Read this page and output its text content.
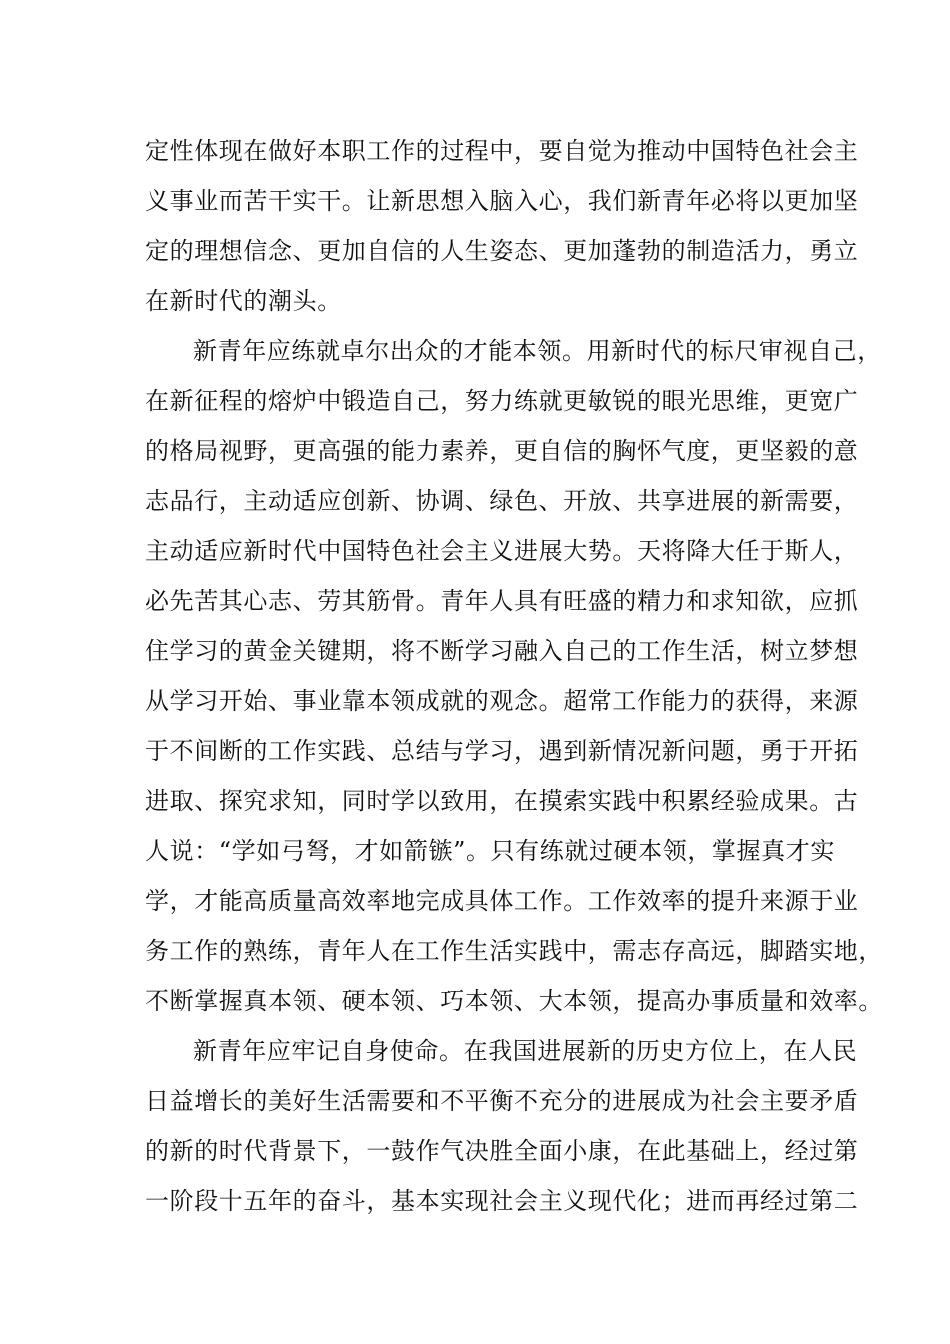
定性体现在做好本职工作的过程中，要自觉为推动中国特色社会主
义事业而苦干实干。让新思想入脑入心，我们新青年必将以更加坚
定的理想信念、更加自信的人生姿态、更加蓬勃的制造活力，勇立
在新时代的潮头。
新青年应练就卓尔出众的才能本领。用新时代的标尺审视自己，
在新征程的熔炉中锻造自己，努力练就更敏锐的眼光思维，更宽广
的格局视野，更高强的能力素养，更自信的胸怀气度，更坚毅的意
志品行，主动适应创新、协调、绿色、开放、共享进展的新需要，
主动适应新时代中国特色社会主义进展大势。天将降大任于斯人，
必先苦其心志、劳其筋骨。青年人具有旺盛的精力和求知欲，应抓
住学习的黄金关键期，将不断学习融入自己的工作生活，树立梦想
从学习开始、事业靠本领成就的观念。超常工作能力的获得，来源
于不间断的工作实践、总结与学习，遇到新情况新问题，勇于开拓
进取、探究求知，同时学以致用，在摸索实践中积累经验成果。古
人说：“学如弓弩，才如箭镞”。只有练就过硬本领，掌握真才实
学，才能高质量高效率地完成具体工作。工作效率的提升来源于业
务工作的熟练，青年人在工作生活实践中，需志存高远，脚踏实地，
不断掌握真本领、硬本领、巧本领、大本领，提高办事质量和效率。
新青年应牢记自身使命。在我国进展新的历史方位上，在人民
日益增长的美好生活需要和不平衡不充分的进展成为社会主要矛盾
的新的时代背景下，一鼓作气决胜全面小康，在此基础上，经过第
一阶段十五年的奋斗，基本实现社会主义现代化；进而再经过第二
